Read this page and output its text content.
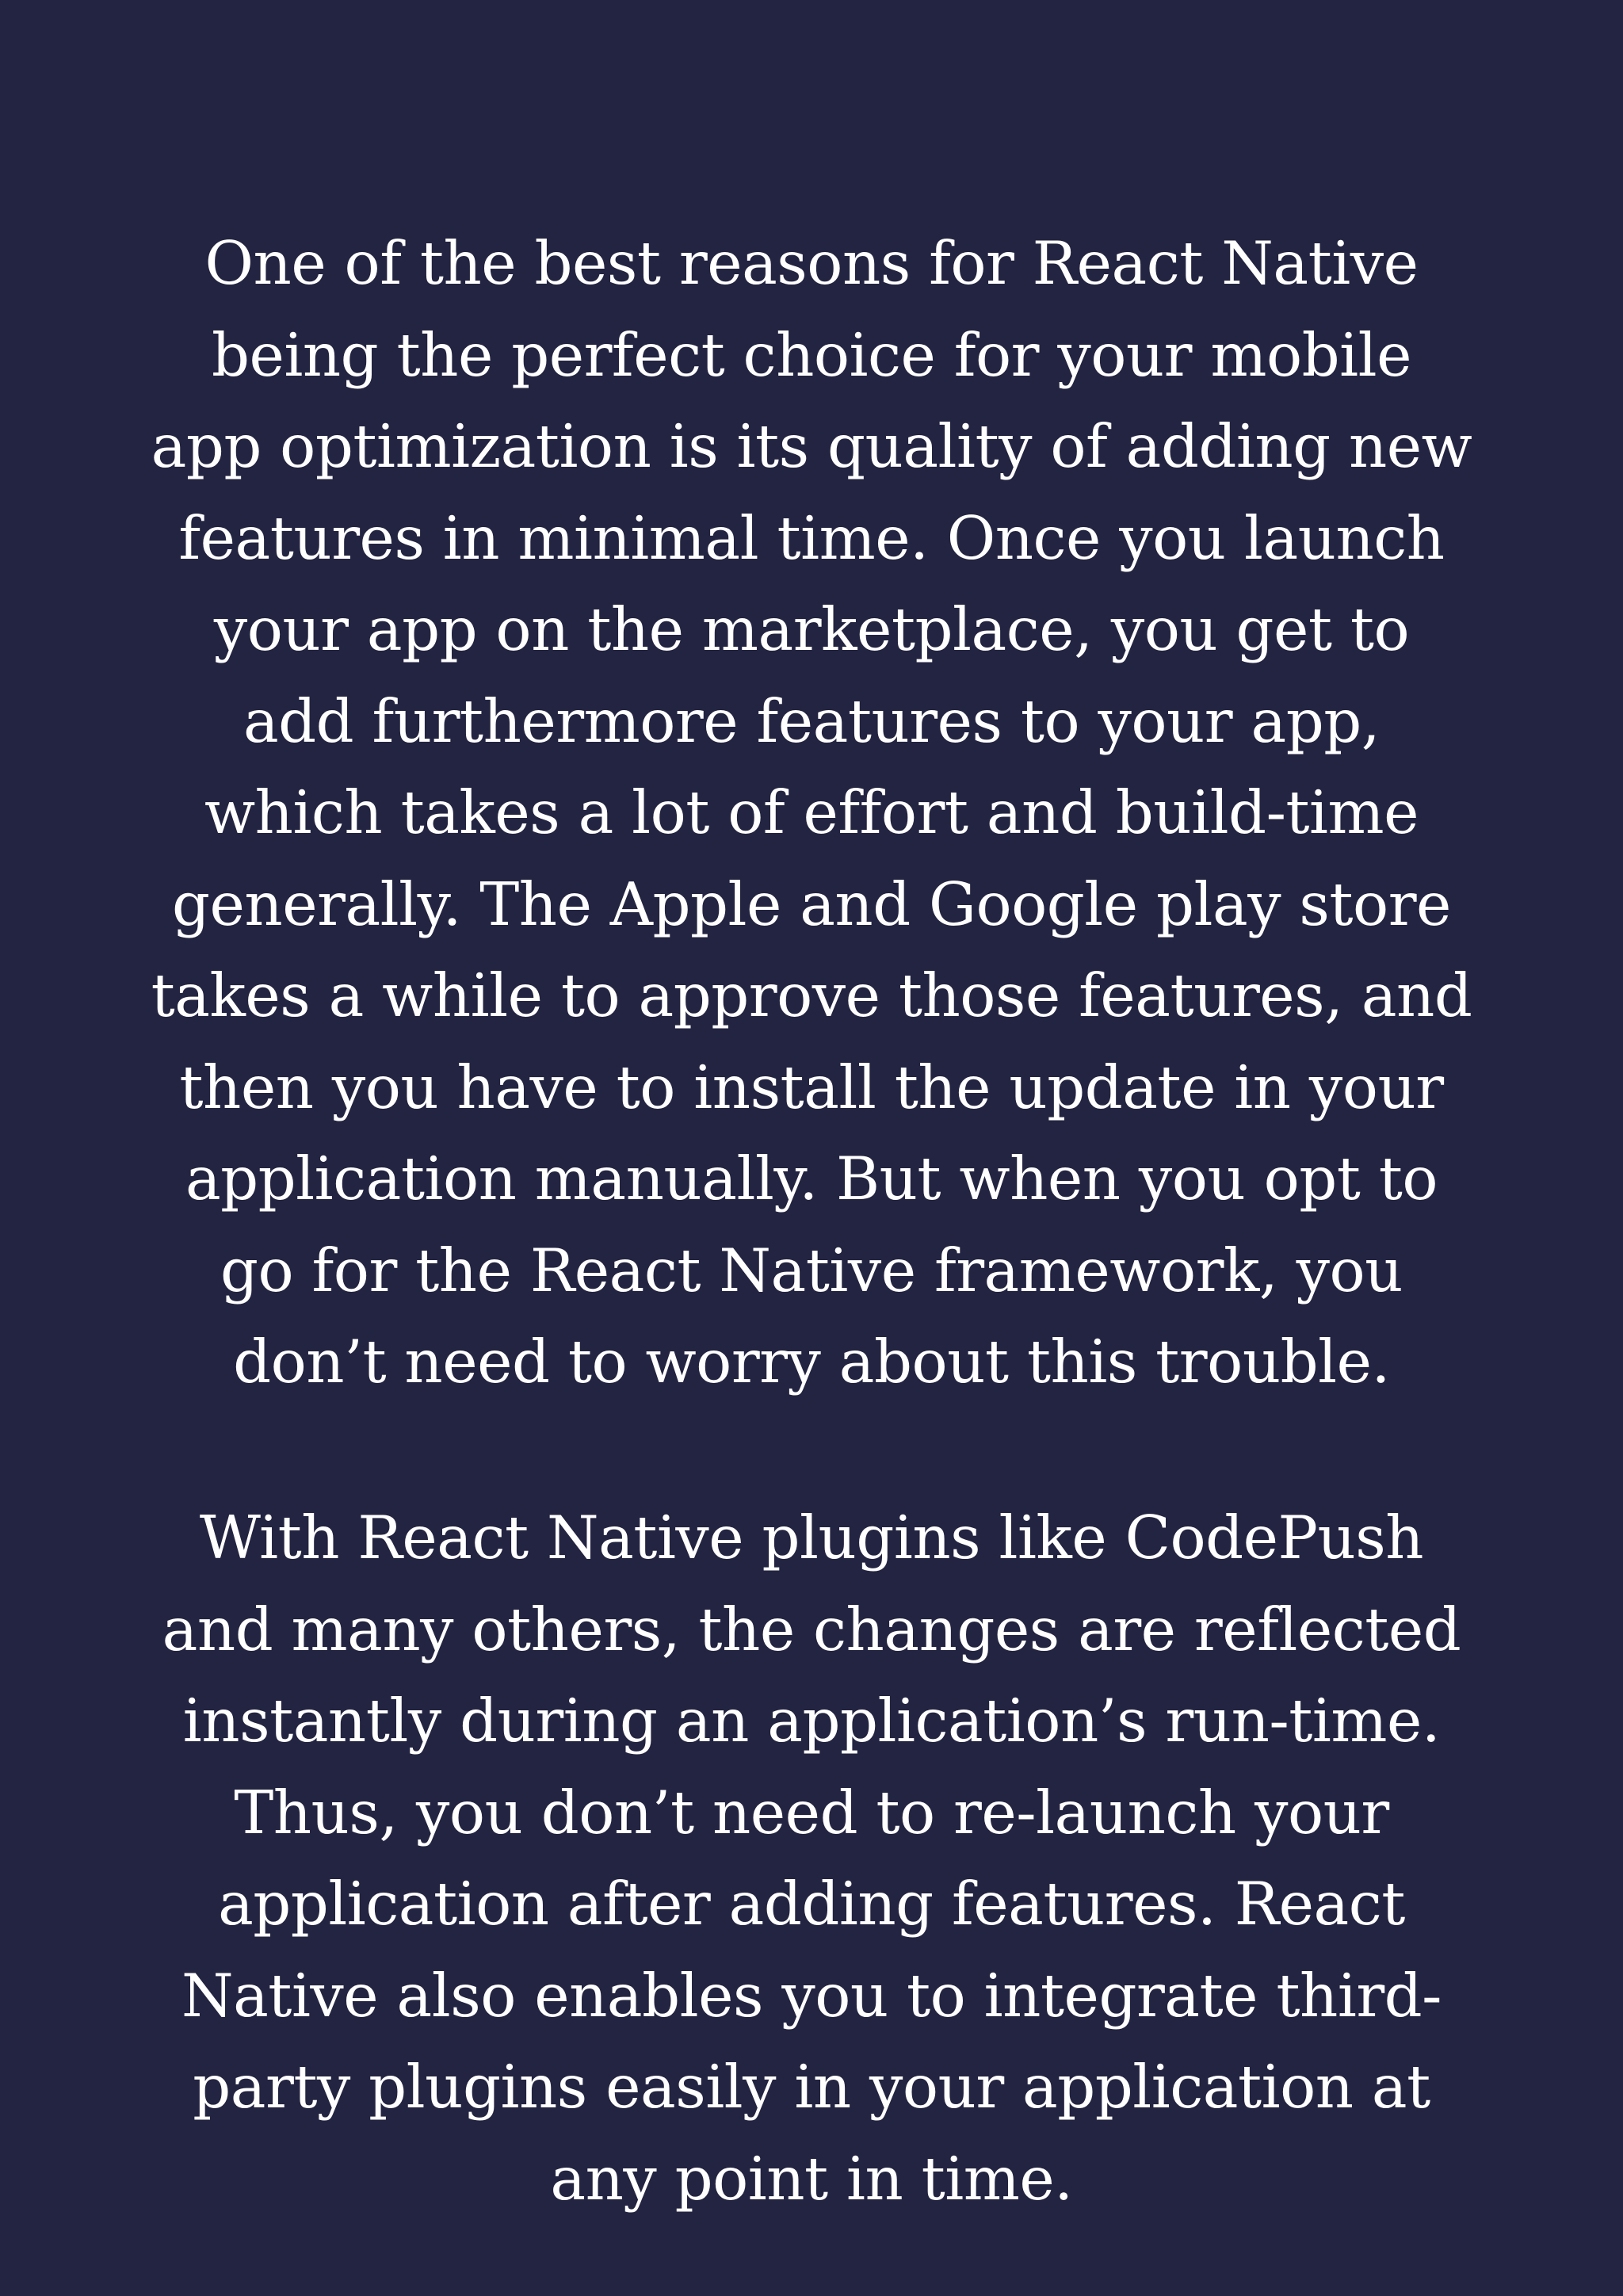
One of the best reasons for React Native being the perfect choice for your mobile app optimization is its quality of adding new features in minimal time. Once you launch your app on the marketplace, you get to add furthermore features to your app, which takes a lot of effort and build-time generally. The Apple and Google play store takes a while to approve those features, and then you have to install the update in your application manually. But when you opt to go for the React Native framework, you don’t need to worry about this trouble.

With React Native plugins like CodePush and many others, the changes are reflected instantly during an application’s run-time. Thus, you don’t need to re-launch your application after adding features. React Native also enables you to integrate third-party plugins easily in your application at any point in time.
